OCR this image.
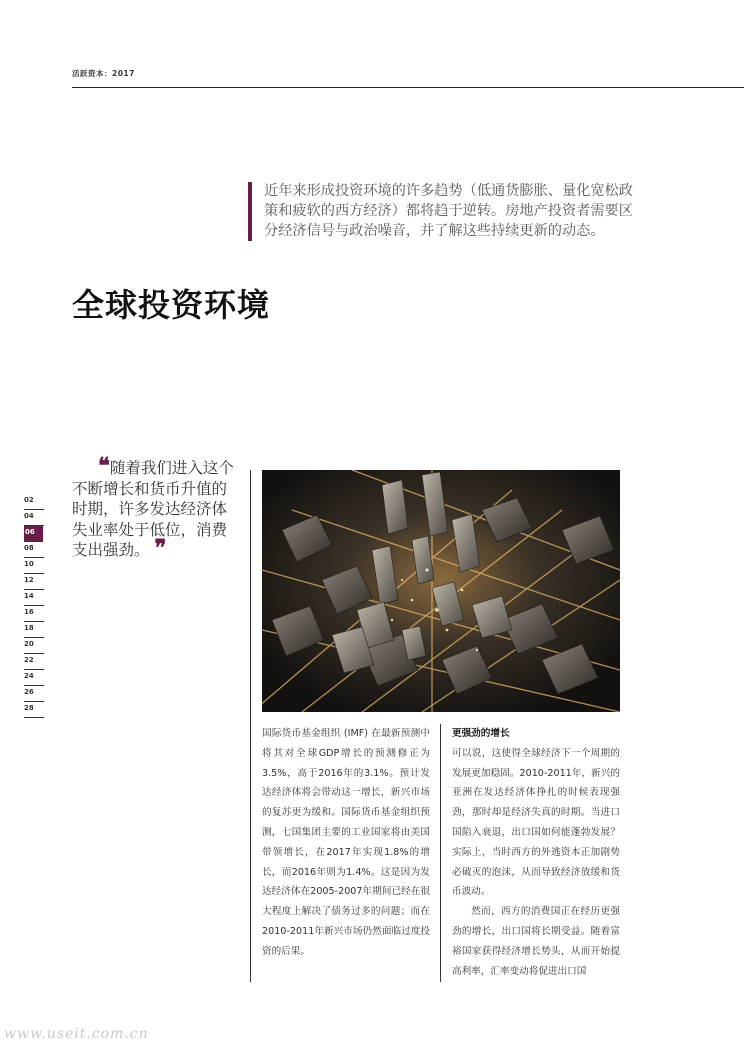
活跃资本：2017

近年来形成投资环境的许多趋势（低通货膨胀、量化宽松政策和疲软的西方经济）都将趋于逆转。房地产投资者需要区分经济信号与政治噪音，并了解这些持续更新的动态。

全球投资环境
02
04
06
08
10
12
14
16
18
20
22
24
26
28
❝随着我们进入这个不断增长和货币升值的时期，许多发达经济体失业率处于低位，消费支出强劲。 ❞

国际货币基金组织 (IMF) 在最新预测中将其对全球GDP增长的预测修正为3.5%，高于2016年的3.1%。预计发达经济体将会带动这一增长，新兴市场的复苏更为缓和。国际货币基金组织预测，七国集团主要的工业国家将由美国带领增长，在2017年实现1.8%的增长，而2016年则为1.4%。这是因为发达经济体在2005-2007年期间已经在很大程度上解决了债务过多的问题；而在2010-2011年新兴市场仍然面临过度投资的后果。

更强劲的增长

可以说，这使得全球经济下一个周期的发展更加稳固。2010-2011年，新兴的亚洲在发达经济体挣扎的时候表现强劲，那时却是经济失真的时期。当进口国陷入衰退，出口国如何能蓬勃发展？实际上，当时西方的外逃资本正加剧势必破灭的泡沫，从而导致经济放缓和货币波动。

然而，西方的消费国正在经历更强劲的增长，出口国将长期受益。随着富裕国家获得经济增长势头，从而开始提高利率，汇率变动将促进出口国

www.useit.com.cn
